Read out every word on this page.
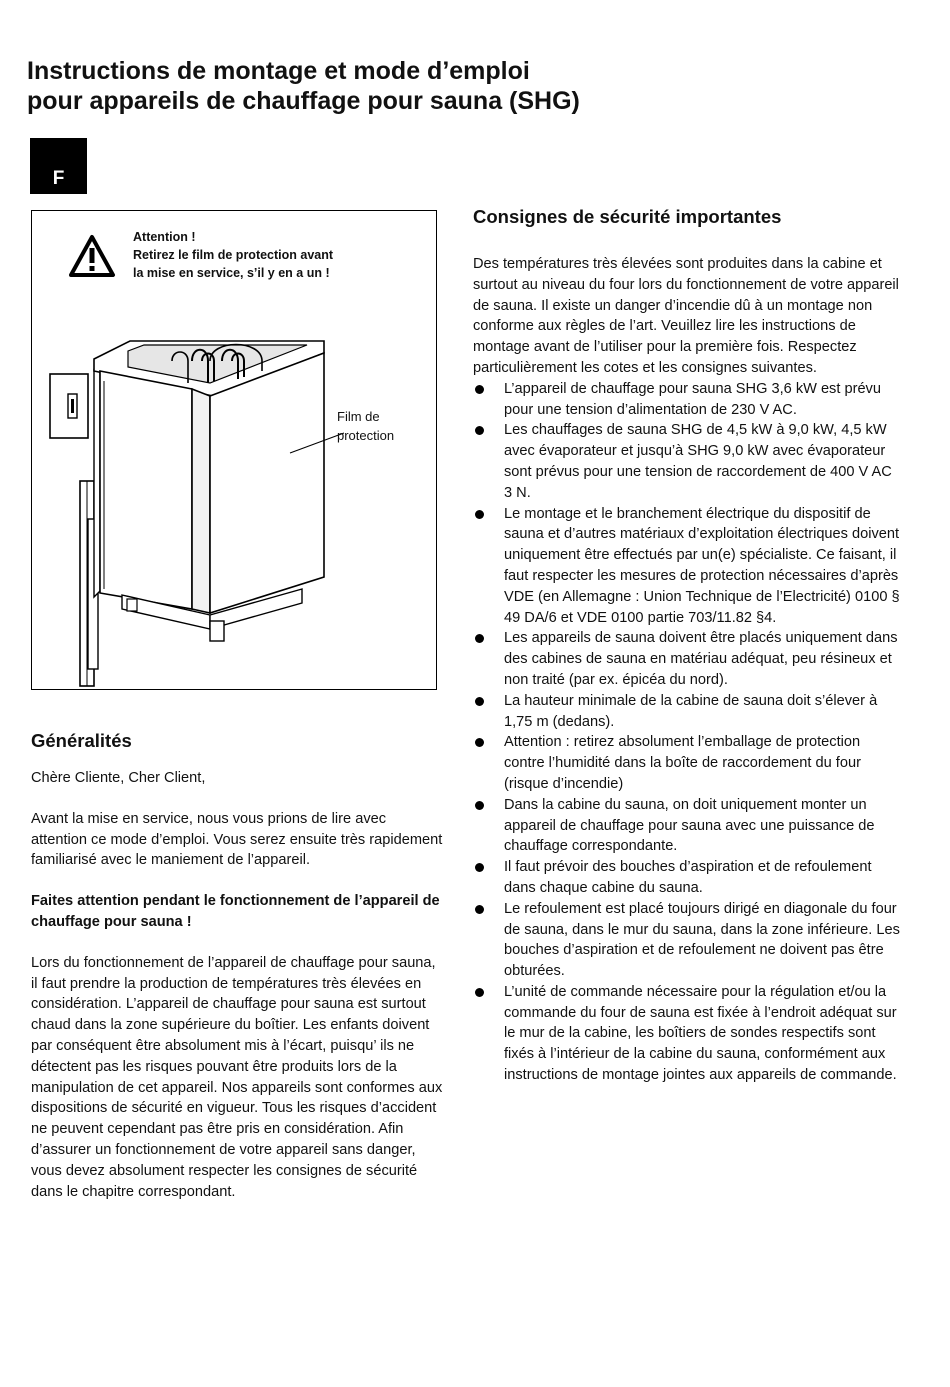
Instructions de montage et mode d’emploi
pour appareils de chauffage pour sauna (SHG)
F
Attention !
Retirez le film de protection avant
la mise en service, s’il y en a un !
Film de
protection
Généralités

Chère Cliente, Cher Client,

Avant la mise en service, nous vous prions de lire avec attention ce mode d’emploi. Vous serez ensuite très rapidement familiarisé avec le maniement de l’appareil.

Faites attention pendant le fonctionnement de l’appareil de chauffage pour sauna !

Lors du fonctionnement de l’appareil de chauffage pour sauna, il faut prendre la production de températures très élevées en considération. L’appareil de chauffage pour sauna est surtout chaud dans la zone supérieure du boîtier. Les enfants doivent par conséquent être absolument mis à l’écart, puisqu’ ils ne détectent pas les risques pouvant être produits lors de la manipulation de cet appareil. Nos appareils sont conformes aux dispositions de sécurité en vigueur. Tous les risques d’accident ne peuvent cependant pas être pris en considération. Afin d’assurer un fonctionnement de votre appareil sans danger, vous devez absolument respecter les consignes de sécurité dans le chapitre correspondant.

Consignes de sécurité importantes

Des températures très élevées sont produites dans la cabine et surtout au niveau du four lors du fonctionnement de votre appareil de sauna. Il existe un danger d’incendie dû à un montage non conforme aux règles de l’art. Veuillez lire les instructions de montage avant de l’utiliser pour la première fois. Respectez particulièrement les cotes et les consignes suivantes.

L’appareil de chauffage pour sauna SHG 3,6 kW est prévu pour une tension d’alimentation de 230 V AC.
Les chauffages de sauna SHG de 4,5 kW à 9,0 kW, 4,5 kW avec évaporateur et jusqu’à SHG 9,0 kW avec évaporateur sont prévus pour une tension de raccordement de 400 V AC 3 N.
Le montage et le branchement électrique du dispositif de sauna et d’autres matériaux d’exploitation électriques doivent uniquement être effectués par un(e) spécialiste. Ce faisant, il faut respecter les mesures de protection nécessaires d’après VDE (en Allemagne : Union Technique de l’Electricité) 0100 § 49 DA/6 et VDE 0100 partie 703/11.82 §4.
Les appareils de sauna doivent être placés uniquement dans des cabines de sauna en matériau adéquat, peu résineux et non traité (par ex. épicéa du nord).
La hauteur minimale de la cabine de sauna doit s’élever à 1,75 m (dedans).
Attention : retirez absolument l’emballage de protection contre l’humidité dans la boîte de raccordement du four (risque d’incendie)
Dans la cabine du sauna, on doit uniquement monter un appareil de chauffage pour sauna avec une puissance de chauffage correspondante.
Il faut prévoir des bouches d’aspiration et de refoulement dans chaque cabine du sauna.
Le refoulement est placé toujours dirigé en diagonale du four de sauna, dans le mur du sauna, dans la zone inférieure. Les bouches d’aspiration et de refoulement ne doivent pas être obturées.
L’unité de commande nécessaire pour la régulation et/ou la commande du four de sauna est fixée à l’endroit adéquat sur le mur de la cabine, les boîtiers de sondes respectifs sont fixés à l’intérieur de la cabine du sauna, conformément aux instructions de montage jointes aux appareils de commande.
